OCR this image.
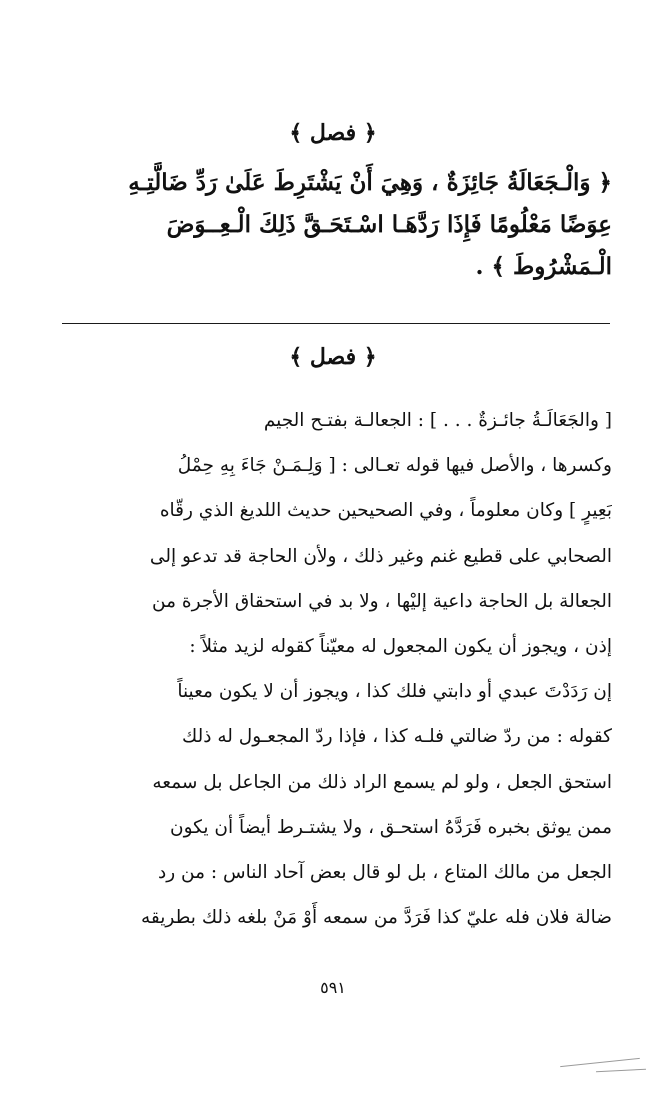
﴿ فصل ﴾
﴿ وَالْـجَعَالَةُ جَائِزَةٌ ، وَهِيَ أَنْ يَشْتَرِطَ عَلَىٰ رَدِّ ضَالَّتِـهِ
عِوَضًا مَعْلُومًا فَإِذَا رَدَّهَـا اسْـتَحَـقَّ ذَلِكَ الْـعِــوَضَ
الْـمَشْرُوطَ ﴾ .
﴿ فصل ﴾
[ والجَعَالَـةُ جائـزةٌ . . . ] : الجعالـة بفتـح الجيم
وكسرها ، والأصل فيها قوله تعـالى : [ وَلِـمَـنْ جَاءَ بِهِ حِمْلُ
بَعِيرٍ ] وكان معلوماً ، وفي الصحيحين حديث اللديغ الذي رقّاه
الصحابي على قطيع غنم وغير ذلك ، ولأن الحاجة قد تدعو إلى
الجعالة بل الحاجة داعية إليْها ، ولا بد في استحقاق الأجرة من
إذن ، ويجوز أن يكون المجعول له معيّناً كقوله لزيد مثلاً :
إن رَدَدْتَ عبدي أو دابتي فلك كذا ، ويجوز أن لا يكون معيناً
كقوله : من ردّ ضالتي فلـه كذا ، فإذا ردّ المجعـول له ذلك
استحق الجعل ، ولو لم يسمع الراد ذلك من الجاعل بل سمعه
ممن يوثق بخبره فَرَدَّهُ استحـق ، ولا يشتـرط أيضاً أن يكون
الجعل من مالك المتاع ، بل لو قال بعض آحاد الناس : من رد
ضالة فلان فله عليّ كذا فَرَدَّ من سمعه أَوْ مَنْ بلغه ذلك بطريقه
٥٩١
